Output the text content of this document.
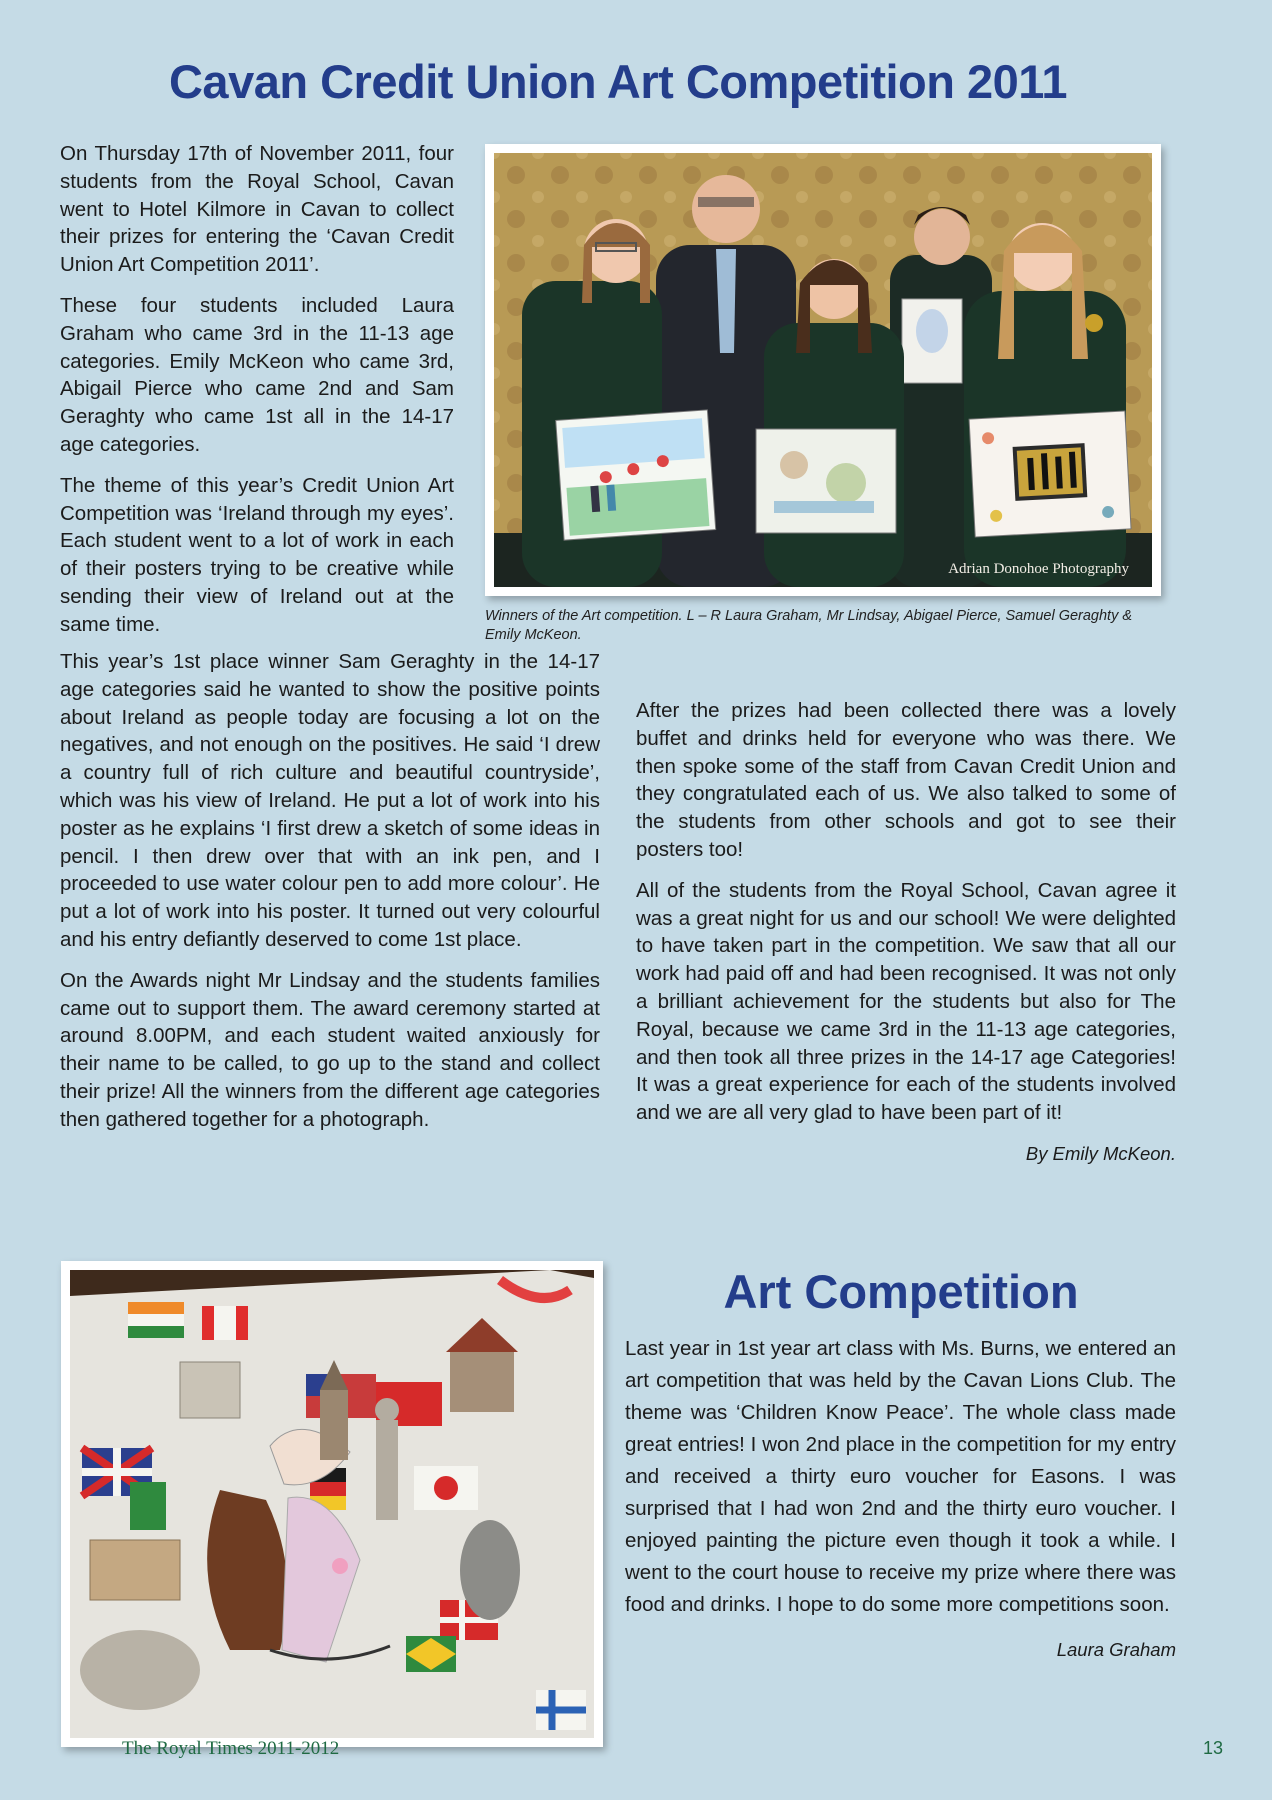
Cavan Credit Union Art Competition 2011

On Thursday 17th of November 2011, four students from the Royal School, Cavan went to Hotel Kilmore in Cavan to collect their prizes for entering the ‘Cavan Credit Union Art Competition 2011’.

These four students included Laura Graham who came 3rd in the 11-13 age categories. Emily McKeon who came 3rd, Abigail Pierce who came 2nd and Sam Geraghty who came 1st all in the 14-17 age categories.

The theme of this year’s Credit Union Art Competition was ‘Ireland through my eyes’. Each student went to a lot of work in each of their posters trying to be creative while sending their view of Ireland out at the same time.

Adrian Donohoe Photography
Winners of the Art competition. L – R Laura Graham, Mr Lindsay, Abigael Pierce, Samuel Geraghty & Emily McKeon.

This year’s 1st place winner Sam Geraghty in the 14-17 age categories said he wanted to show the positive points about Ireland as people today are focusing a lot on the negatives, and not enough on the positives. He said ‘I drew a country full of rich culture and beautiful countryside’, which was his view of Ireland. He put a lot of work into his poster as he explains ‘I first drew a sketch of some ideas in pencil. I then drew over that with an ink pen, and I proceeded to use water colour pen to add more colour’. He put a lot of work into his poster. It turned out very colourful and his entry defiantly deserved to come 1st place.

On the Awards night Mr Lindsay and the students families came out to support them. The award ceremony started at around 8.00PM, and each student waited anxiously for their name to be called, to go up to the stand and collect their prize! All the winners from the different age categories then gathered together for a photograph.

After the prizes had been collected there was a lovely buffet and drinks held for everyone who was there. We then spoke some of the staff from Cavan Credit Union and they congratulated each of us. We also talked to some of the students from other schools and got to see their posters too!

All of the students from the Royal School, Cavan agree it was a great night for us and our school! We were delighted to have taken part in the competition. We saw that all our work had paid off and had been recognised. It was not only a brilliant achievement for the students but also for The Royal, because we came 3rd in the 11-13 age categories, and then took all three prizes in the 14-17 age Categories! It was a great experience for each of the students involved and we are all very glad to have been part of it!

By Emily McKeon.
Art Competition

Last year in 1st year art class with Ms. Burns, we entered an art competition that was held by the Cavan Lions Club. The theme was ‘Children Know Peace’. The whole class made great entries! I won 2nd place in the competition for my entry and received a thirty euro voucher for Easons. I was surprised that I had won 2nd and the thirty euro voucher. I enjoyed painting the picture even though it took a while. I went to the court house to receive my prize where there was food and drinks. I hope to do some more competitions soon.

Laura Graham
The Royal Times 2011-2012	13
